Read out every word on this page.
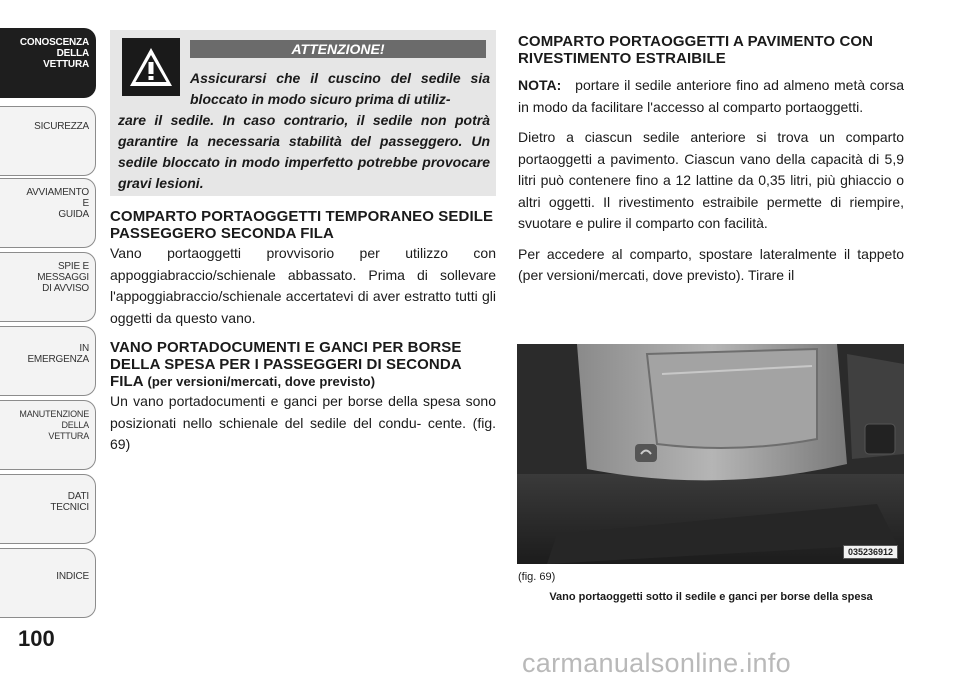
CONOSCENZA
DELLA
VETTURA
SICUREZZA
AVVIAMENTO
E
GUIDA
SPIE E
MESSAGGI
DI AVVISO
IN
EMERGENZA
MANUTENZIONE
DELLA
VETTURA
DATI
TECNICI
INDICE
100
ATTENZIONE!
Assicurarsi che il cuscino del sedile sia bloccato in modo sicuro prima di utiliz-
zare il sedile. In caso contrario, il sedile non potrà garantire la necessaria stabilità del passeggero. Un sedile bloccato in modo imperfetto potrebbe provocare gravi lesioni.
COMPARTO PORTAOGGETTI TEMPORANEO SEDILE PASSEGGERO SECONDA FILA

Vano portaoggetti provvisorio per utilizzo con appoggiabraccio/schienale abbassato. Prima di sollevare l'appoggiabraccio/schienale accertatevi di aver estratto tutti gli oggetti da questo vano.

VANO PORTADOCUMENTI E GANCI PER BORSE DELLA SPESA PER I PASSEGGERI DI SECONDA FILA (per versioni/mercati, dove previsto)

Un vano portadocumenti e ganci per borse della spesa sono posizionati nello schienale del sedile del condu- cente. (fig. 69)

COMPARTO PORTAOGGETTI A PAVIMENTO CON RIVESTIMENTO ESTRAIBILE

NOTA: portare il sedile anteriore fino ad almeno metà corsa in modo da facilitare l'accesso al comparto portaoggetti.

Dietro a ciascun sedile anteriore si trova un comparto portaoggetti a pavimento. Ciascun vano della capacità di 5,9 litri può contenere fino a 12 lattine da 0,35 litri, più ghiaccio o altri oggetti. Il rivestimento estraibile permette di riempire, svuotare e pulire il comparto con facilità.

Per accedere al comparto, spostare lateralmente il tappeto (per versioni/mercati, dove previsto). Tirare il

035236912
(fig. 69)
Vano portaoggetti sotto il sedile e ganci per borse della spesa
carmanualsonline.info
